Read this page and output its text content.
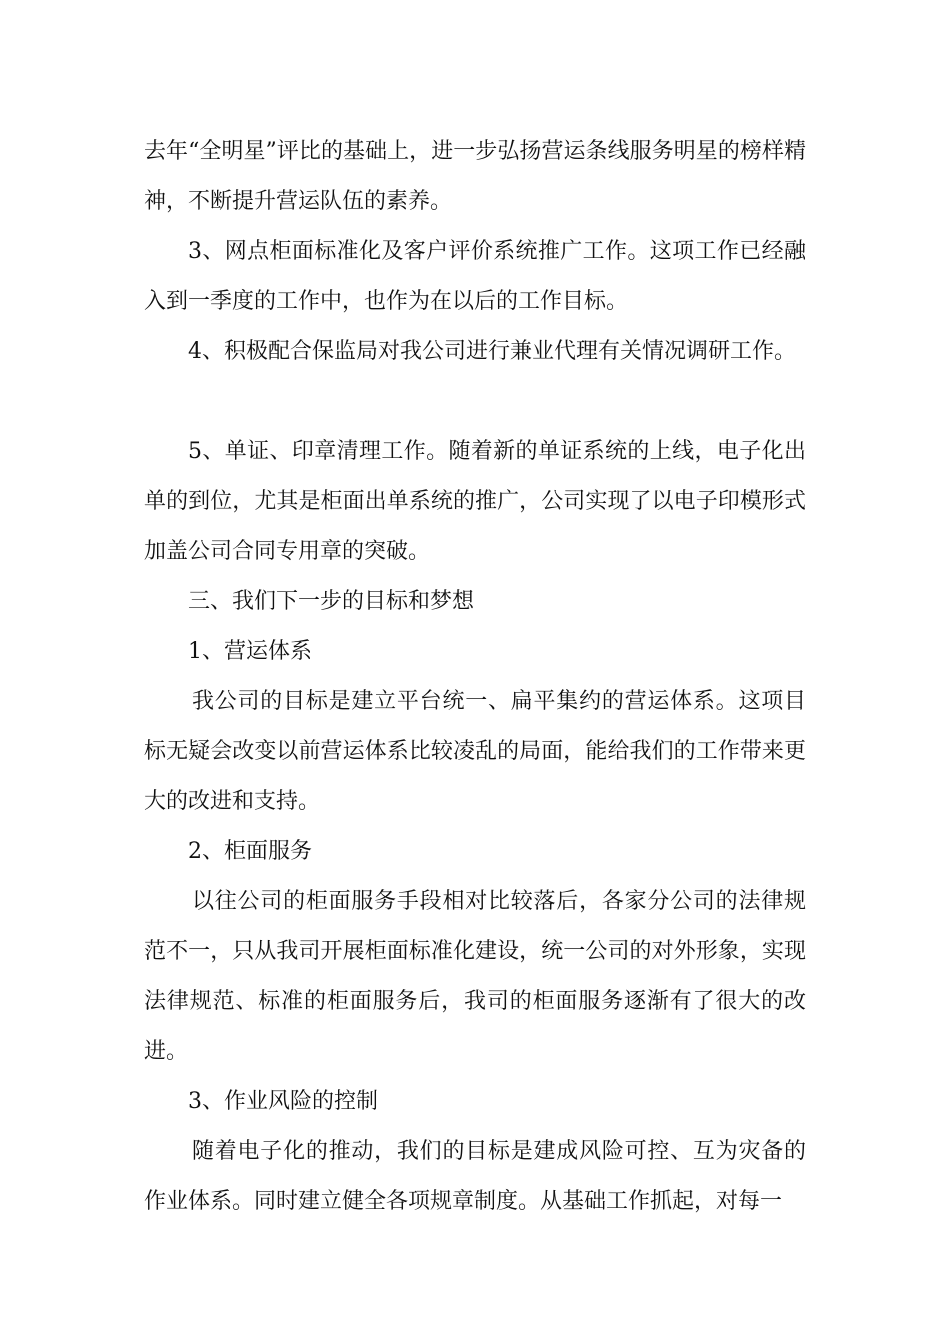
去年“全明星”评比的基础上，进一步弘扬营运条线服务明星的榜样精神，不断提升营运队伍的素养。

3、网点柜面标准化及客户评价系统推广工作。这项工作已经融入到一季度的工作中，也作为在以后的工作目标。

4、积极配合保监局对我公司进行兼业代理有关情况调研工作。

5、单证、印章清理工作。随着新的单证系统的上线，电子化出单的到位，尤其是柜面出单系统的推广，公司实现了以电子印模形式加盖公司合同专用章的突破。

三、我们下一步的目标和梦想

1、营运体系

我公司的目标是建立平台统一、扁平集约的营运体系。这项目标无疑会改变以前营运体系比较凌乱的局面，能给我们的工作带来更大的改进和支持。

2、柜面服务

以往公司的柜面服务手段相对比较落后，各家分公司的法律规范不一，只从我司开展柜面标准化建设，统一公司的对外形象，实现法律规范、标准的柜面服务后，我司的柜面服务逐渐有了很大的改进。

3、作业风险的控制

随着电子化的推动，我们的目标是建成风险可控、互为灾备的作业体系。同时建立健全各项规章制度。从基础工作抓起，对每一
